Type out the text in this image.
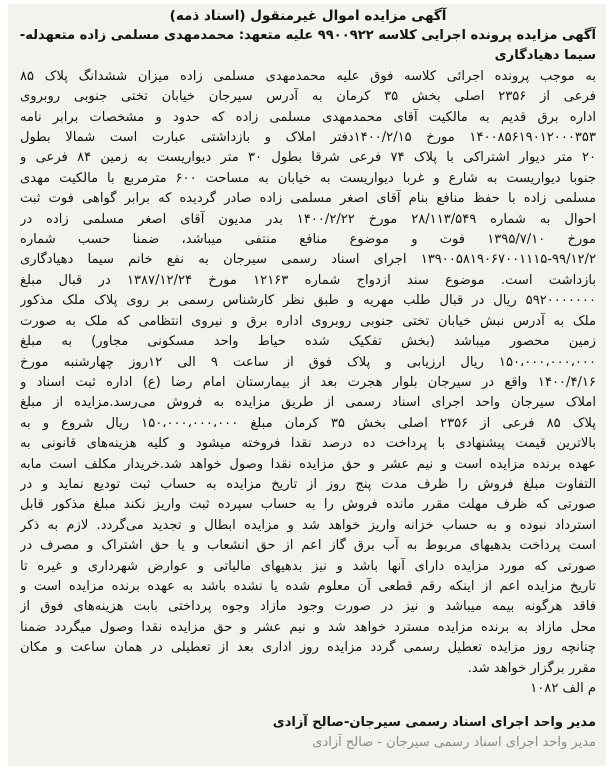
آگهی مزایده اموال غیرمنقول (اسناد ذمه)
آگهی مزایده پرونده اجرایی کلاسه ۹۹۰۰۹۲۲ علیه متعهد: محمدمهدی مسلمی زاده متعهدله-
سیما دهیادگاری
به موجب پرونده اجرائی کلاسه فوق علیه محمدمهدی مسلمی زاده میزان ششدانگ پلاک ۸۵
فرعی از ۲۳۵۶ اصلی بخش ۳۵ کرمان به آدرس سیرجان خیابان تختی جنوبی روبروی
اداره برق قدیم به مالکیت آقای محمدمهدی مسلمی زاده که حدود و مشخصات برابر نامه
۱۴۰۰۸۵۶۱۹۰۱۲۰۰۰۳۵۳ مورخ ۱۴۰۰/۲/۱۵دفتر املاک و بازداشتی عبارت است شمالا بطول
۲۰ متر دیوار اشتراکی با پلاک ۷۴ فرعی شرقا بطول ۳۰ متر دیواریست به زمین ۸۴ فرعی و
جنوبا دیواریست به شارع و غربا دیواریست به خیابان به مساحت ۶۰۰ مترمربع با مالکیت مهدی
مسلمی زاده با حفظ منافع بنام آقای اصغر مسلمی زاده صادر گردیده که برابر گواهی فوت ثبت
احوال به شماره ۲۸/۱۱۳/۵۴۹ مورخ ۱۴۰۰/۲/۲۲ بدر مدیون آقای اصغر مسلمی زاده در
مورخ ۱۳۹۵/۷/۱۰ فوت و موضوع منافع منتفی میباشد، ضمنا حسب شماره
۱۳۹۰۰۵۸۱۹۰۶۷۰۰۱۱۱۵-۹۹/۱۲/۲ اجرای اسناد رسمی سیرجان به نفع خانم سیما دهیادگاری
بازداشت است. موضوع سند ازدواج شماره ۱۲۱۶۳ مورخ ۱۳۸۷/۱۲/۲۴ در قبال مبلغ
۵۹۲۰۰۰۰۰۰۰ ریال در قبال طلب مهریه و طبق نظر کارشناس رسمی بر روی پلاک ملک مذکور
ملک به آدرس نبش خیابان تختی جنوبی روبروی اداره برق و نیروی انتظامی که ملک به صورت
زمین محصور میباشد (بخش تفکیک شده حیاط واحد مسکونی مجاور) به مبلغ
۱۵۰،۰۰۰،۰۰۰،۰۰۰ ریال ارزیابی و پلاک فوق از ساعت ۹ الی ۱۲روز چهارشنبه مورخ
۱۴۰۰/۴/۱۶ واقع در سیرجان بلوار هجرت بعد از بیمارستان امام رضا (ع) اداره ثبت اسناد و
املاک سیرجان واحد اجرای اسناد رسمی از طریق مزایده به فروش می‌رسد.مزایده از مبلغ
پلاک ۸۵ فرعی از ۲۳۵۶ اصلی بخش ۳۵ کرمان مبلغ ۱۵۰،۰۰۰،۰۰۰،۰۰۰ ریال شروع و به
بالاترین قیمت پیشنهادی با پرداخت ده درصد نقدا فروخته میشود و کلیه هزینه‌های قانونی به
عهده برنده مزایده است و نیم عشر و حق مزایده نقدا وصول خواهد شد.خریدار مکلف است مابه
التفاوت مبلغ فروش را ظرف مدت پنج روز از تاریخ مزایده به حساب ثبت تودیع نماید و در
صورتی که ظرف مهلت مقرر مانده فروش را به حساب سپرده ثبت واریز نکند مبلغ مذکور قابل
استرداد نبوده و به حساب خزانه واریز خواهد شد و مزایده ابطال و تجدید می‌گردد. لازم به ذکر
است پرداخت بدهیهای مربوط به آب برق گاز اعم از حق انشعاب و یا حق اشتراک و مصرف در
صورتی که مورد مزایده دارای آنها باشد و نیز بدهیهای مالیاتی و عوارض شهرداری و غیره تا
تاریخ مزایده اعم از اینکه رقم قطعی آن معلوم شده یا نشده باشد به عهده برنده مزایده است و
فاقد هرگونه بیمه میباشد و نیز در صورت وجود مازاد وجوه پرداختی بابت هزینه‌های فوق از
محل مازاد به برنده مزایده مسترد خواهد شد و نیم عشر و حق مزایده نقدا وصول میگردد ضمنا
چنانچه روز مزایده تعطیل رسمی گردد مزایده روز اداری بعد از تعطیلی در همان ساعت و مکان
مقرر برگزار خواهد شد.
م الف ۱۰۸۲
مدیر واحد اجرای اسناد رسمی سیرجان-صالح آزادی
مدیر واحد اجرای اسناد رسمی سیرجان - صالح آزادی
